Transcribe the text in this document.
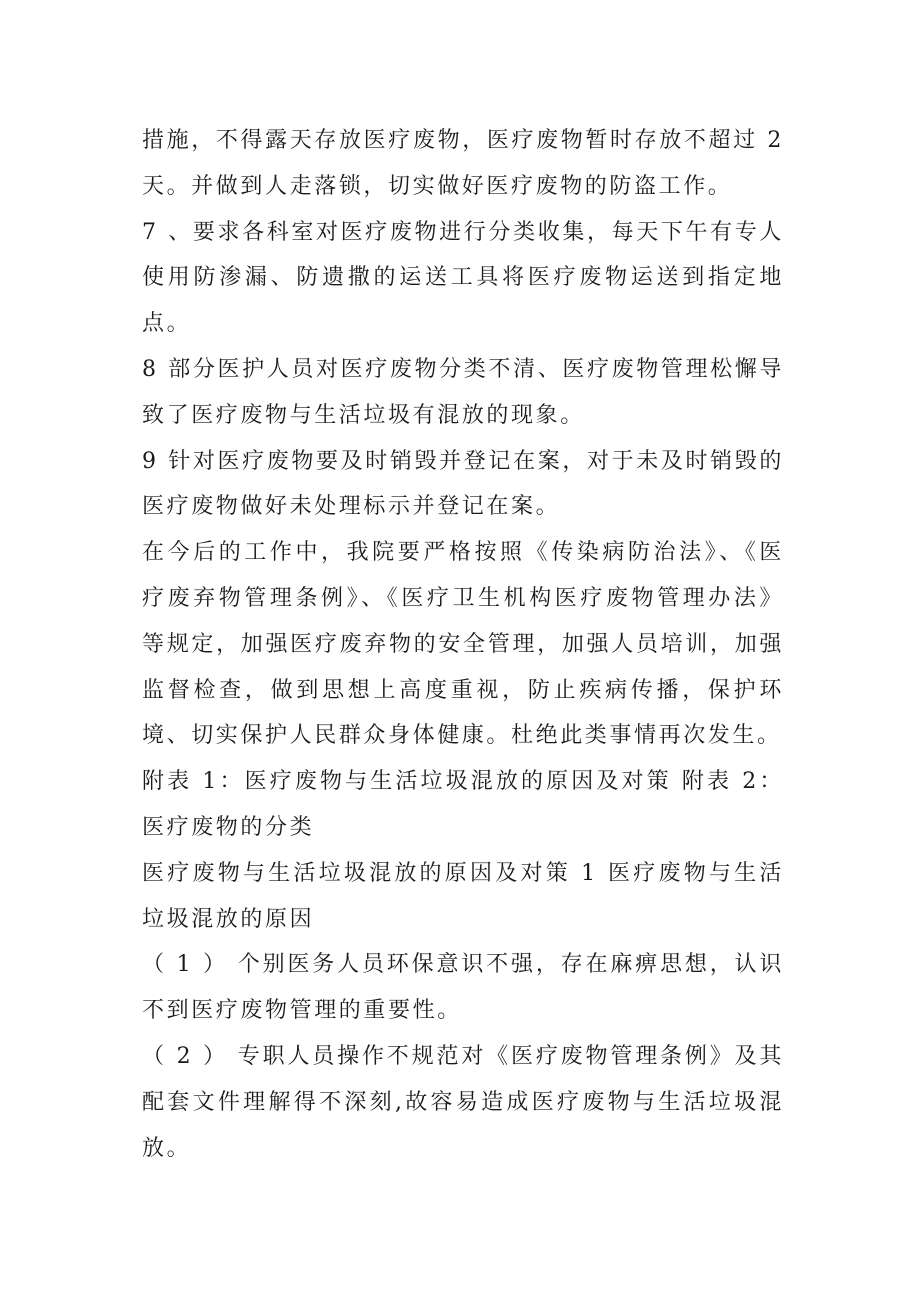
措施，不得露天存放医疗废物，医疗废物暂时存放不超过 2 天。并做到人走落锁，切实做好医疗废物的防盗工作。

7 、要求各科室对医疗废物进行分类收集，每天下午有专人使用防渗漏、防遗撒的运送工具将医疗废物运送到指定地点。

8 部分医护人员对医疗废物分类不清、医疗废物管理松懈导致了医疗废物与生活垃圾有混放的现象。

9 针对医疗废物要及时销毁并登记在案，对于未及时销毁的医疗废物做好未处理标示并登记在案。

在今后的工作中，我院要严格按照《传染病防治法》、《医疗废弃物管理条例》、《医疗卫生机构医疗废物管理办法》 等规定，加强医疗废弃物的安全管理，加强人员培训，加强监督检查，做到思想上高度重视，防止疾病传播，保护环境、切实保护人民群众身体健康。杜绝此类事情再次发生。

附表 1：医疗废物与生活垃圾混放的原因及对策 附表 2：医疗废物的分类

医疗废物与生活垃圾混放的原因及对策 1 医疗废物与生活垃圾混放的原因

（ 1 ） 个别医务人员环保意识不强，存在麻痹思想，认识不到医疗废物管理的重要性。

（ 2 ） 专职人员操作不规范对《医疗废物管理条例》及其配套文件理解得不深刻,故容易造成医疗废物与生活垃圾混放。
